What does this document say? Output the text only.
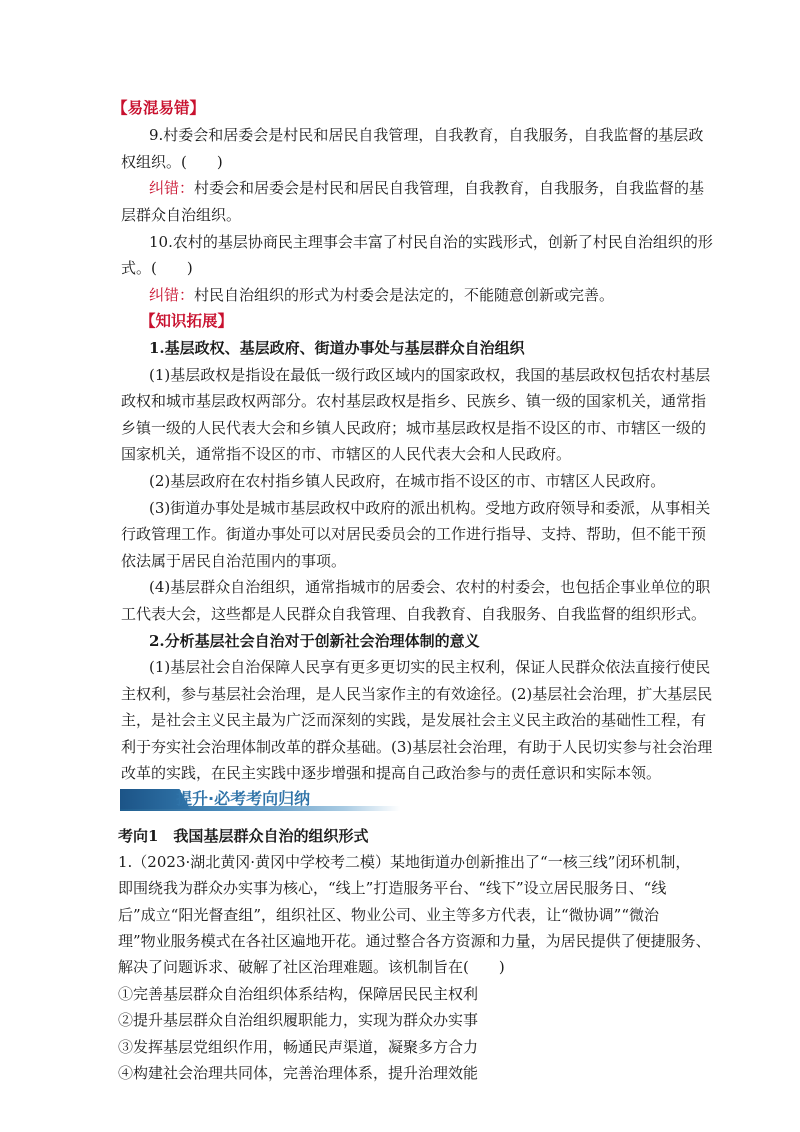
【易混易错】
9.村委会和居委会是村民和居民自我管理，自我教育，自我服务，自我监督的基层政
权组织。(　　)
纠错：村委会和居委会是村民和居民自我管理，自我教育，自我服务，自我监督的基
层群众自治组织。
10.农村的基层协商民主理事会丰富了村民自治的实践形式，创新了村民自治组织的形
式。(　　)
纠错：村民自治组织的形式为村委会是法定的，不能随意创新或完善。
【知识拓展】
1.基层政权、基层政府、街道办事处与基层群众自治组织
(1)基层政权是指设在最低一级行政区域内的国家政权，我国的基层政权包括农村基层
政权和城市基层政权两部分。农村基层政权是指乡、民族乡、镇一级的国家机关，通常指
乡镇一级的人民代表大会和乡镇人民政府；城市基层政权是指不设区的市、市辖区一级的
国家机关，通常指不设区的市、市辖区的人民代表大会和人民政府。
(2)基层政府在农村指乡镇人民政府，在城市指不设区的市、市辖区人民政府。
(3)街道办事处是城市基层政权中政府的派出机构。受地方政府领导和委派，从事相关
行政管理工作。街道办事处可以对居民委员会的工作进行指导、支持、帮助，但不能干预
依法属于居民自治范围内的事项。
(4)基层群众自治组织，通常指城市的居委会、农村的村委会，也包括企事业单位的职
工代表大会，这些都是人民群众自我管理、自我教育、自我服务、自我监督的组织形式。
2.分析基层社会自治对于创新社会治理体制的意义
(1)基层社会自治保障人民享有更多更切实的民主权利，保证人民群众依法直接行使民
主权利，参与基层社会治理，是人民当家作主的有效途径。(2)基层社会治理，扩大基层民
主，是社会主义民主最为广泛而深刻的实践，是发展社会主义民主政治的基础性工程，有
利于夯实社会治理体制改革的群众基础。(3)基层社会治理，有助于人民切实参与社会治理
改革的实践，在民主实践中逐步增强和提高自己政治参与的责任意识和实际本领。
提升·必考考向归纳
考向1　我国基层群众自治的组织形式
1.（2023·湖北黄冈·黄冈中学校考二模）某地街道办创新推出了“一核三线”闭环机制，
即围绕我为群众办实事为核心，“线上”打造服务平台、“线下”设立居民服务日、“线
后”成立“阳光督查组”，组织社区、物业公司、业主等多方代表，让“微协调”“微治
理”物业服务模式在各社区遍地开花。通过整合各方资源和力量，为居民提供了便捷服务、
解决了问题诉求、破解了社区治理难题。该机制旨在(　　)
①完善基层群众自治组织体系结构，保障居民民主权利
②提升基层群众自治组织履职能力，实现为群众办实事
③发挥基层党组织作用，畅通民声渠道，凝聚多方合力
④构建社会治理共同体，完善治理体系，提升治理效能
